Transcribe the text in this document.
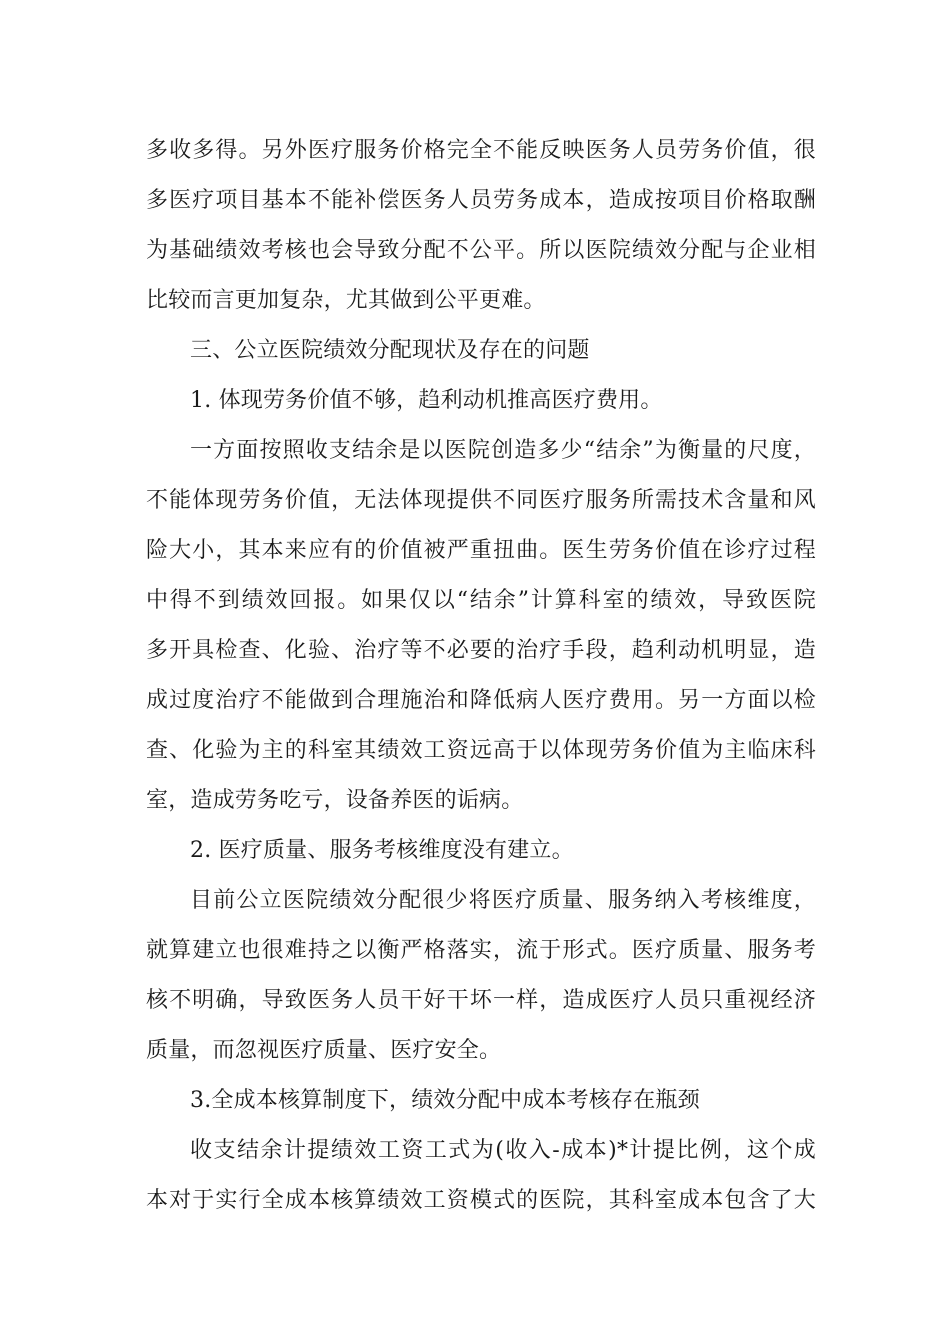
多收多得。另外医疗服务价格完全不能反映医务人员劳务价值，很
多医疗项目基本不能补偿医务人员劳务成本，造成按项目价格取酬
为基础绩效考核也会导致分配不公平。所以医院绩效分配与企业相
比较而言更加复杂，尤其做到公平更难。
三、公立医院绩效分配现状及存在的问题
1. 体现劳务价值不够，趋利动机推高医疗费用。
一方面按照收支结余是以医院创造多少“结余”为衡量的尺度，
不能体现劳务价值，无法体现提供不同医疗服务所需技术含量和风
险大小，其本来应有的价值被严重扭曲。医生劳务价值在诊疗过程
中得不到绩效回报。如果仅以“结余”计算科室的绩效，导致医院
多开具检查、化验、治疗等不必要的治疗手段，趋利动机明显，造
成过度治疗不能做到合理施治和降低病人医疗费用。另一方面以检
查、化验为主的科室其绩效工资远高于以体现劳务价值为主临床科
室，造成劳务吃亏，设备养医的诟病。
2. 医疗质量、服务考核维度没有建立。
目前公立医院绩效分配很少将医疗质量、服务纳入考核维度，
就算建立也很难持之以衡严格落实，流于形式。医疗质量、服务考
核不明确，导致医务人员干好干坏一样，造成医疗人员只重视经济
质量，而忽视医疗质量、医疗安全。
3.全成本核算制度下，绩效分配中成本考核存在瓶颈
收支结余计提绩效工资工式为(收入-成本)*计提比例，这个成
本对于实行全成本核算绩效工资模式的医院，其科室成本包含了大
